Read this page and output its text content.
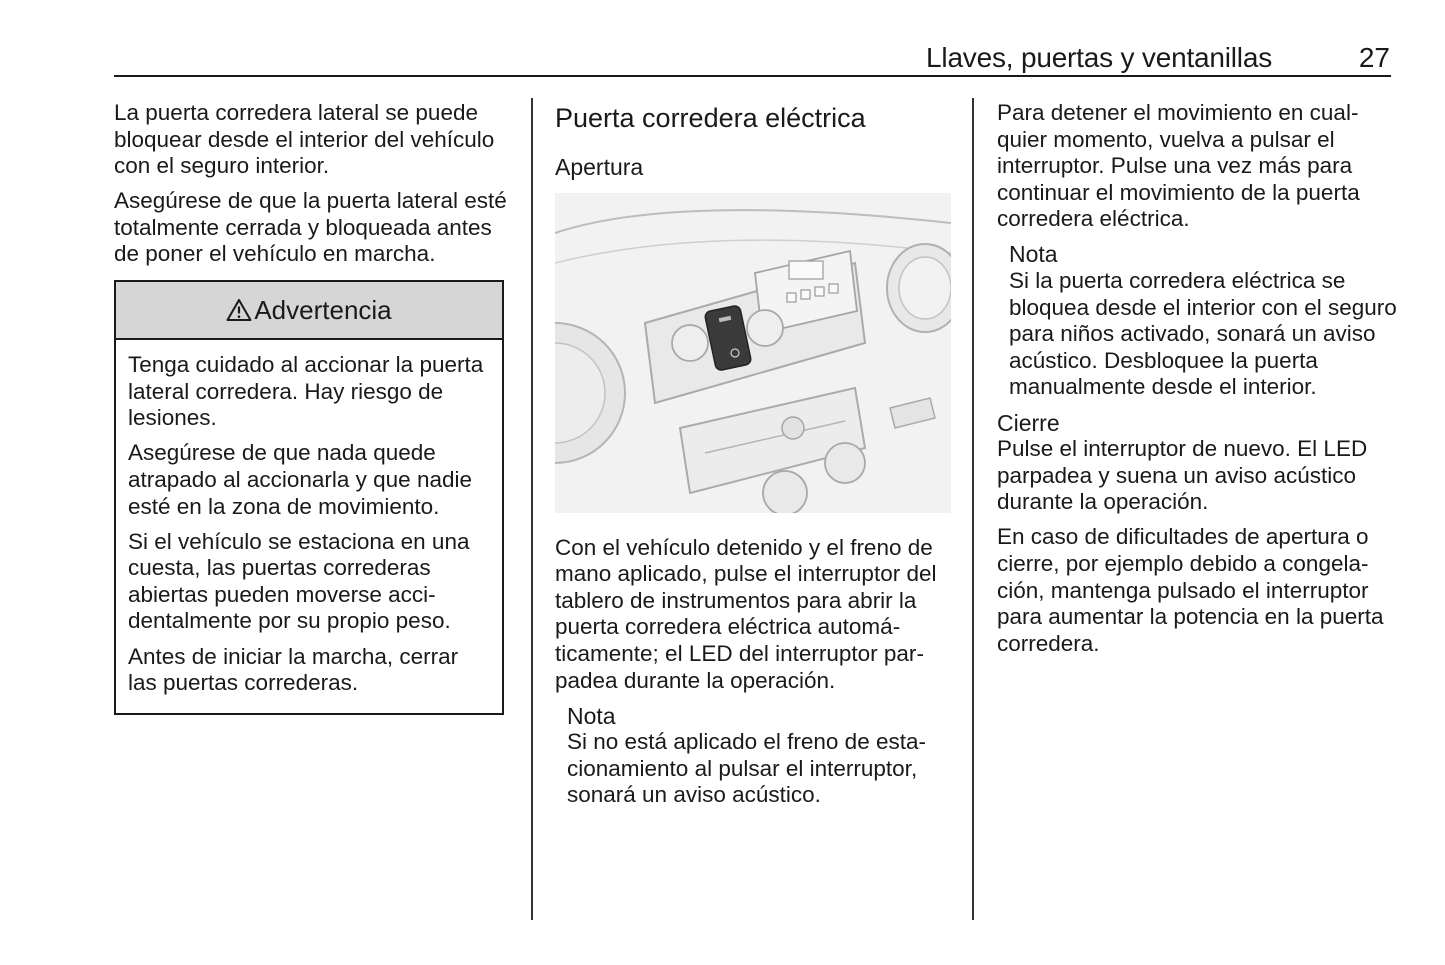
Llaves, puertas y ventanillas	27

La puerta corredera lateral se puede bloquear desde el interior del vehículo con el seguro interior.

Asegúrese de que la puerta lateral esté totalmente cerrada y bloqueada antes de poner el vehículo en marcha.

Advertencia

Tenga cuidado al accionar la puerta lateral corredera. Hay riesgo de lesiones.

Asegúrese de que nada quede atrapado al accionarla y que nadie esté en la zona de movimiento.

Si el vehículo se estaciona en una cuesta, las puertas correderas abiertas pueden moverse accidentalmente por su propio peso.

Antes de iniciar la marcha, cerrar las puertas correderas.

Puerta corredera eléctrica
Apertura

Con el vehículo detenido y el freno de mano aplicado, pulse el interruptor del tablero de instrumentos para abrir la puerta corredera eléctrica automáticamente; el LED del interruptor parpadea durante la operación.

Nota
Si no está aplicado el freno de estacionamiento al pulsar el interruptor, sonará un aviso acústico.

Para detener el movimiento en cualquier momento, vuelva a pulsar el interruptor. Pulse una vez más para continuar el movimiento de la puerta corredera eléctrica.

Nota
Si la puerta corredera eléctrica se bloquea desde el interior con el seguro para niños activado, sonará un aviso acústico. Desbloquee la puerta manualmente desde el interior.
Cierre

Pulse el interruptor de nuevo. El LED parpadea y suena un aviso acústico durante la operación.

En caso de dificultades de apertura o cierre, por ejemplo debido a congelación, mantenga pulsado el interruptor para aumentar la potencia en la puerta corredera.
